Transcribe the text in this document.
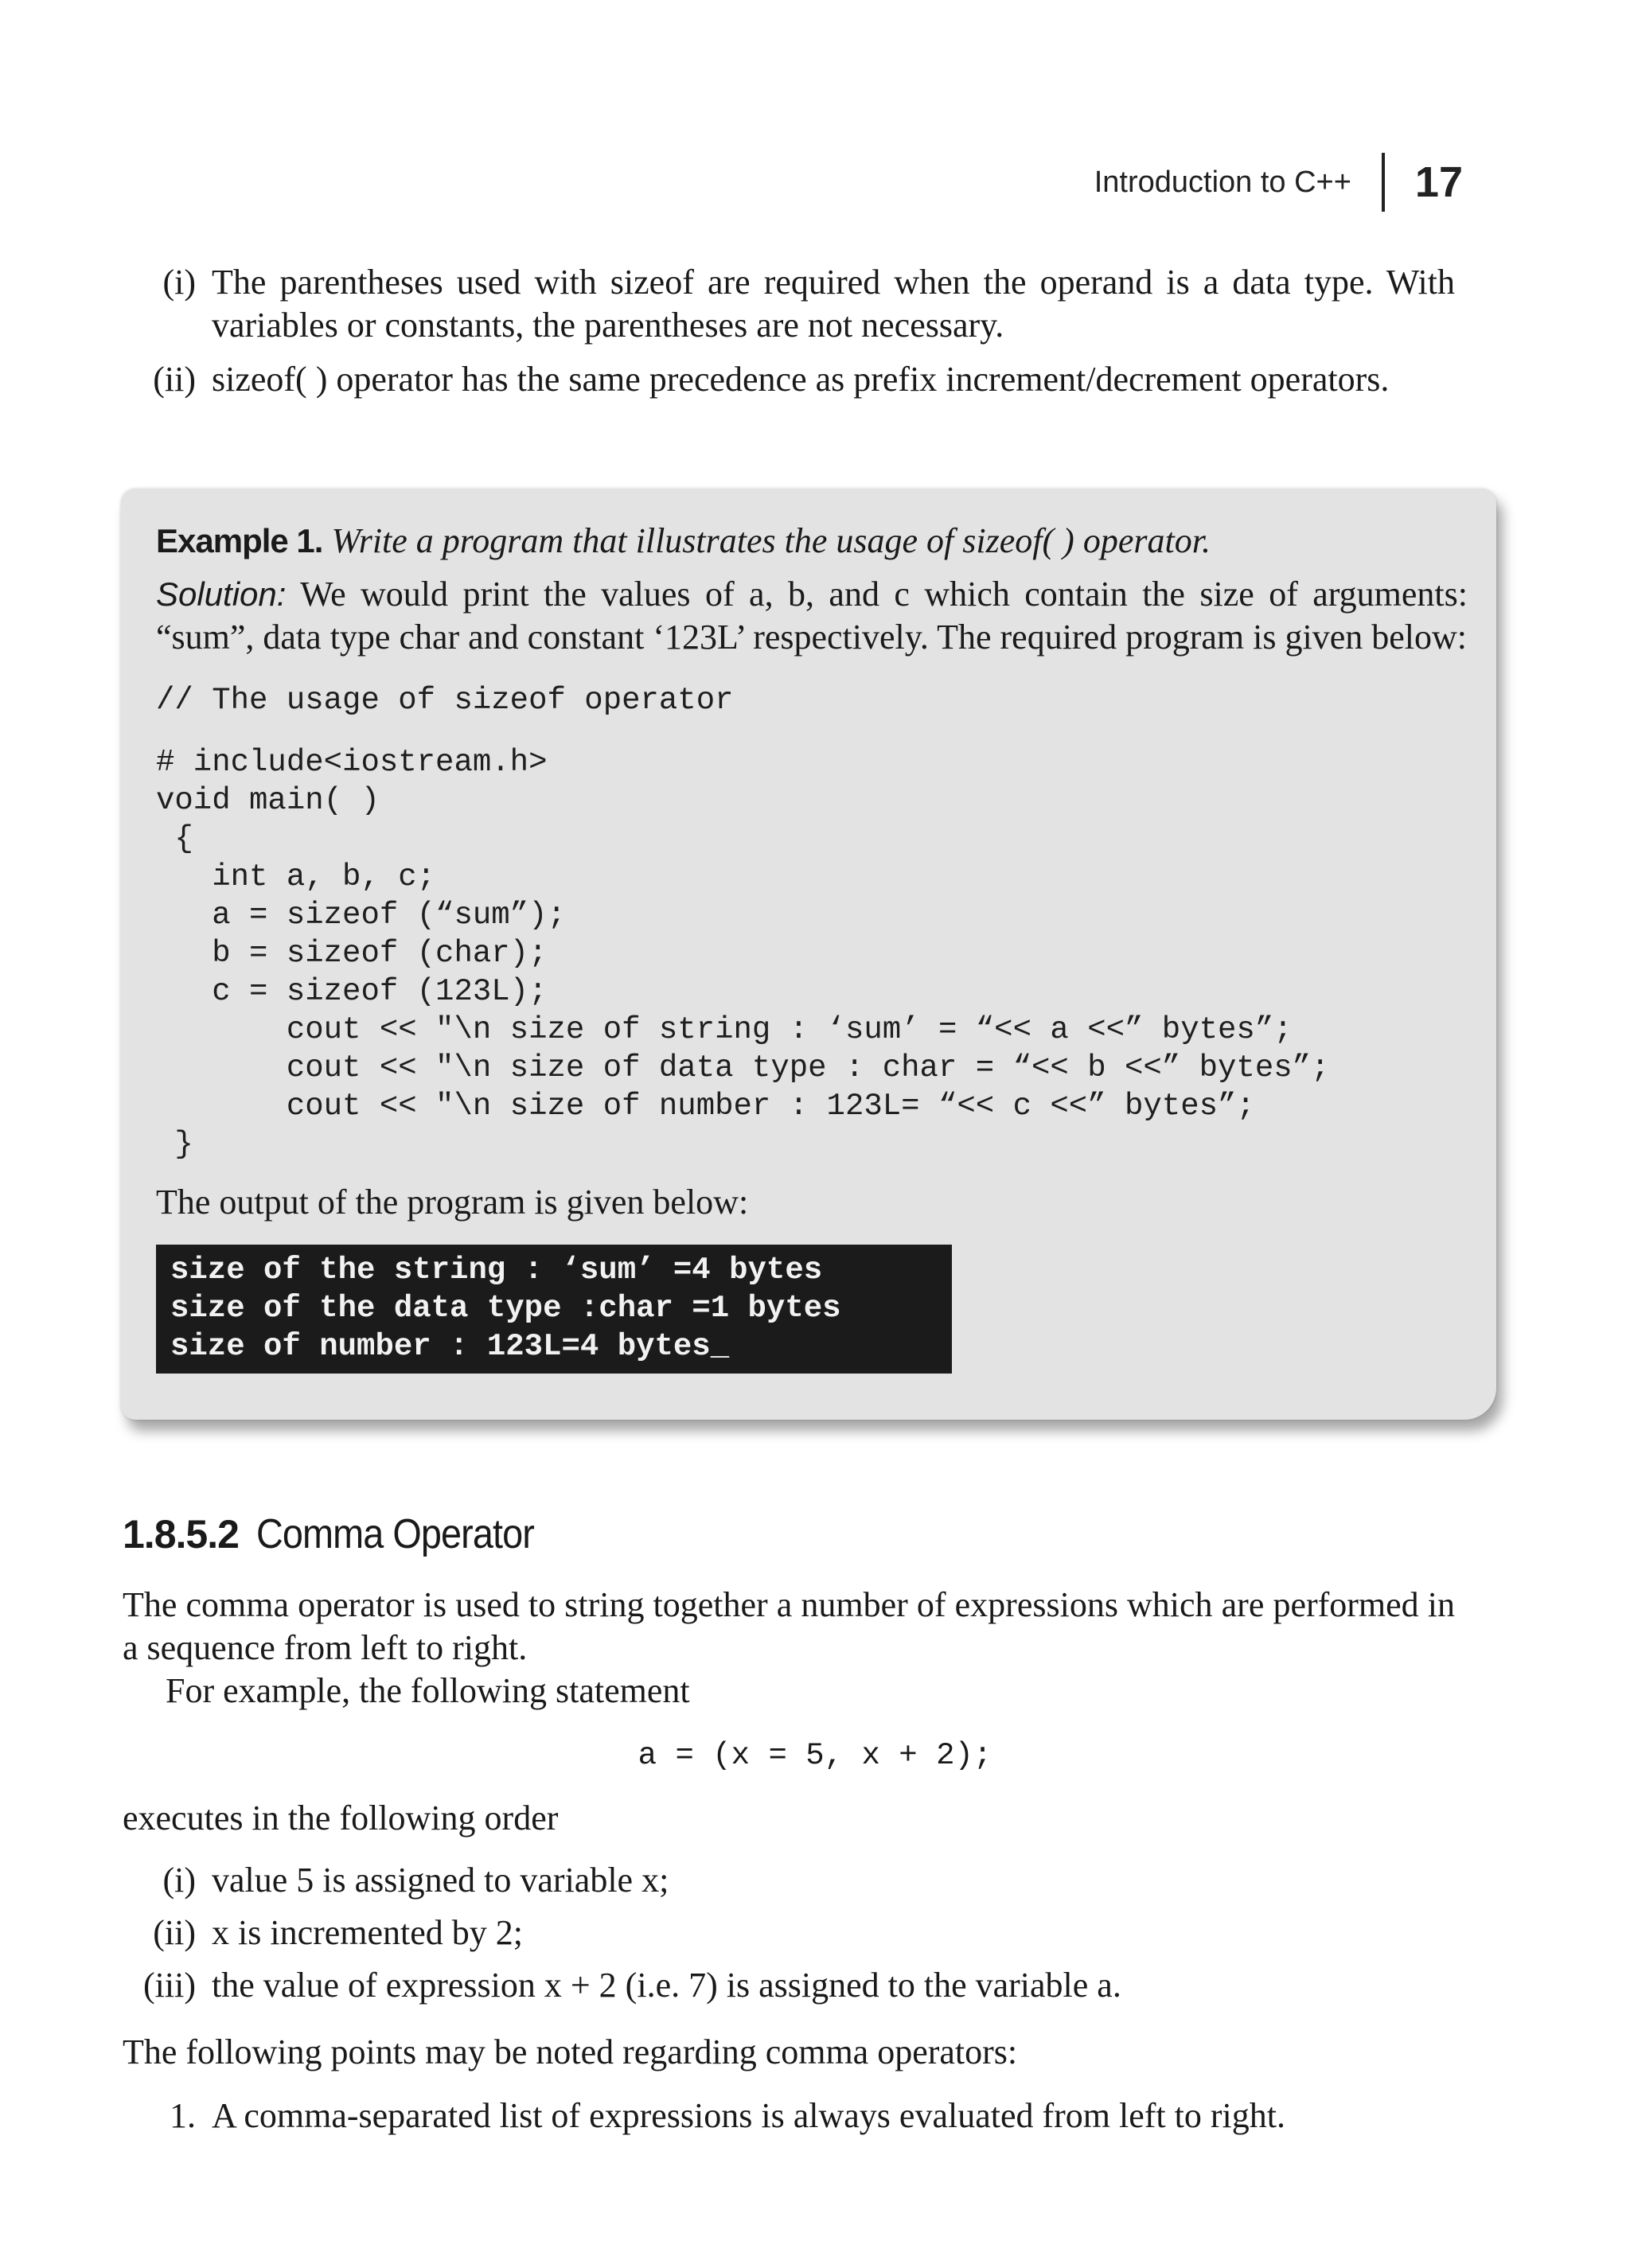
Introduction to C++ 17
(i) The parentheses used with sizeof are required when the operand is a data type. With variables or constants, the parentheses are not necessary.
(ii) sizeof( ) operator has the same precedence as prefix increment/decrement operators.
Example 1. Write a program that illustrates the usage of sizeof( ) operator.
Solution: We would print the values of a, b, and c which contain the size of arguments: “sum”, data type char and constant ‘123L’ respectively. The required program is given below:
// The usage of sizeof operator
# include<iostream.h>
void main( )
{
int a, b, c;
a = sizeof (“sum”);
b = sizeof (char);
c = sizeof (123L);
cout << "\n size of string : ‘sum’ = “<< a <<” bytes”;
cout << "\n size of data type : char = “<< b <<” bytes”;
cout << "\n size of number : 123L= “<< c <<” bytes”;
}
The output of the program is given below:
size of the string : ‘sum’ =4 bytes
size of the data type :char =1 bytes
size of number : 123L=4 bytes_
1.8.5.2 Comma Operator
The comma operator is used to string together a number of expressions which are performed in a sequence from left to right.
For example, the following statement
a = (x = 5, x + 2);
executes in the following order
(i) value 5 is assigned to variable x;
(ii) x is incremented by 2;
(iii) the value of expression x + 2 (i.e. 7) is assigned to the variable a.
The following points may be noted regarding comma operators:
1. A comma-separated list of expressions is always evaluated from left to right.
